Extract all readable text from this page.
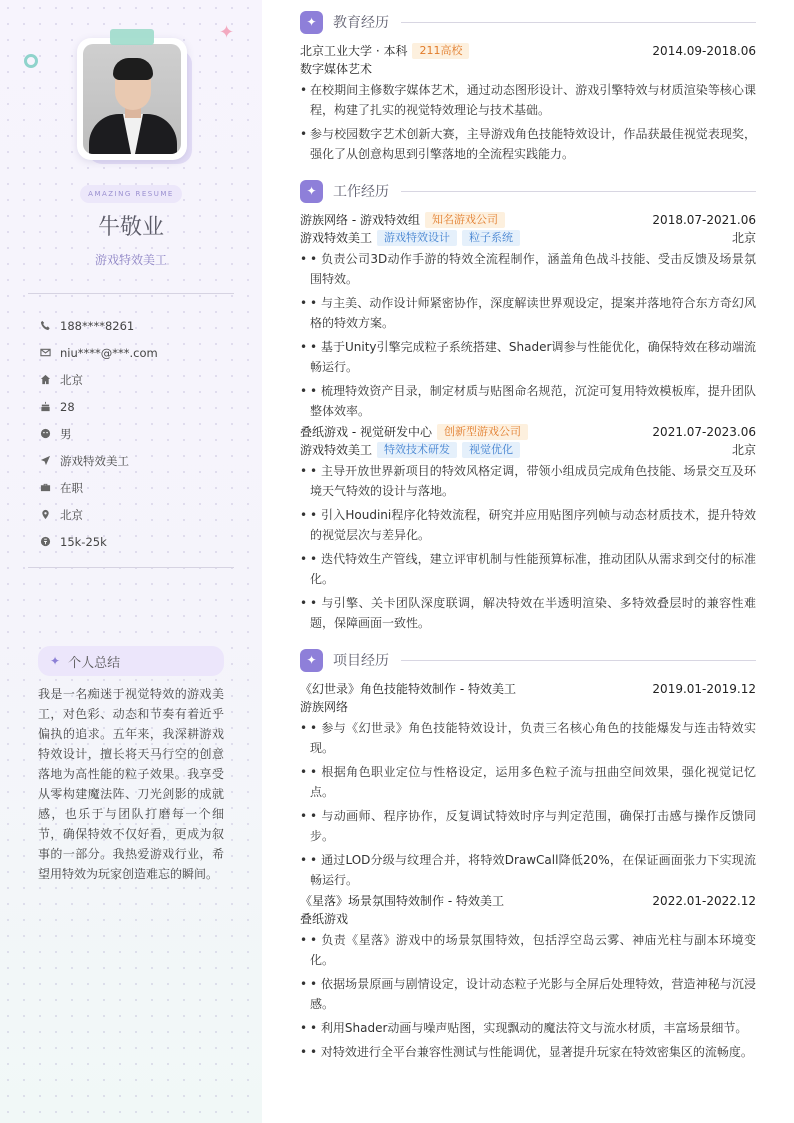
✦
AMAZING RESUME
牛敬业
游戏特效美工
188****8261
niu****@***.com
北京
28
男
游戏特效美工
在职
北京
15k-25k
✦ 个人总结
我是一名痴迷于视觉特效的游戏美工，对色彩、动态和节奏有着近乎偏执的追求。五年来，我深耕游戏特效设计，擅长将天马行空的创意落地为高性能的粒子效果。我享受从零构建魔法阵、刀光剑影的成就感，也乐于与团队打磨每一个细节，确保特效不仅好看，更成为叙事的一部分。我热爱游戏行业，希望用特效为玩家创造难忘的瞬间。
✦	教育经历
北京工业大学 · 本科	211高校	2014.09-2018.06
数字媒体艺术
• 在校期间主修数字媒体艺术，通过动态图形设计、游戏引擎特效与材质渲染等核心课程，构建了扎实的视觉特效理论与技术基础。
• 参与校园数字艺术创新大赛，主导游戏角色技能特效设计，作品获最佳视觉表现奖，强化了从创意构思到引擎落地的全流程实践能力。
✦	工作经历
游族网络 - 游戏特效组	知名游戏公司	2018.07-2021.06
游戏特效美工	游戏特效设计	粒子系统	北京
• • 负责公司3D动作手游的特效全流程制作，涵盖角色战斗技能、受击反馈及场景氛围特效。
• • 与主美、动作设计师紧密协作，深度解读世界观设定，提案并落地符合东方奇幻风格的特效方案。
• • 基于Unity引擎完成粒子系统搭建、Shader调参与性能优化，确保特效在移动端流畅运行。
• • 梳理特效资产目录，制定材质与贴图命名规范，沉淀可复用特效模板库，提升团队整体效率。
叠纸游戏 - 视觉研发中心	创新型游戏公司	2021.07-2023.06
游戏特效美工	特效技术研发	视觉优化	北京
• • 主导开放世界新项目的特效风格定调，带领小组成员完成角色技能、场景交互及环境天气特效的设计与落地。
• • 引入Houdini程序化特效流程，研究并应用贴图序列帧与动态材质技术，提升特效的视觉层次与差异化。
• • 迭代特效生产管线，建立评审机制与性能预算标准，推动团队从需求到交付的标准化。
• • 与引擎、关卡团队深度联调，解决特效在半透明渲染、多特效叠层时的兼容性难题，保障画面一致性。
✦	项目经历
《幻世录》角色技能特效制作 - 特效美工	2019.01-2019.12
游族网络
• • 参与《幻世录》角色技能特效设计，负责三名核心角色的技能爆发与连击特效实现。
• • 根据角色职业定位与性格设定，运用多色粒子流与扭曲空间效果，强化视觉记忆点。
• • 与动画师、程序协作，反复调试特效时序与判定范围，确保打击感与操作反馈同步。
• • 通过LOD分级与纹理合并，将特效DrawCall降低20%，在保证画面张力下实现流畅运行。
《星落》场景氛围特效制作 - 特效美工	2022.01-2022.12
叠纸游戏
• • 负责《星落》游戏中的场景氛围特效，包括浮空岛云雾、神庙光柱与副本环境变化。
• • 依据场景原画与剧情设定，设计动态粒子光影与全屏后处理特效，营造神秘与沉浸感。
• • 利用Shader动画与噪声贴图，实现飘动的魔法符文与流水材质，丰富场景细节。
• • 对特效进行全平台兼容性测试与性能调优，显著提升玩家在特效密集区的流畅度。
